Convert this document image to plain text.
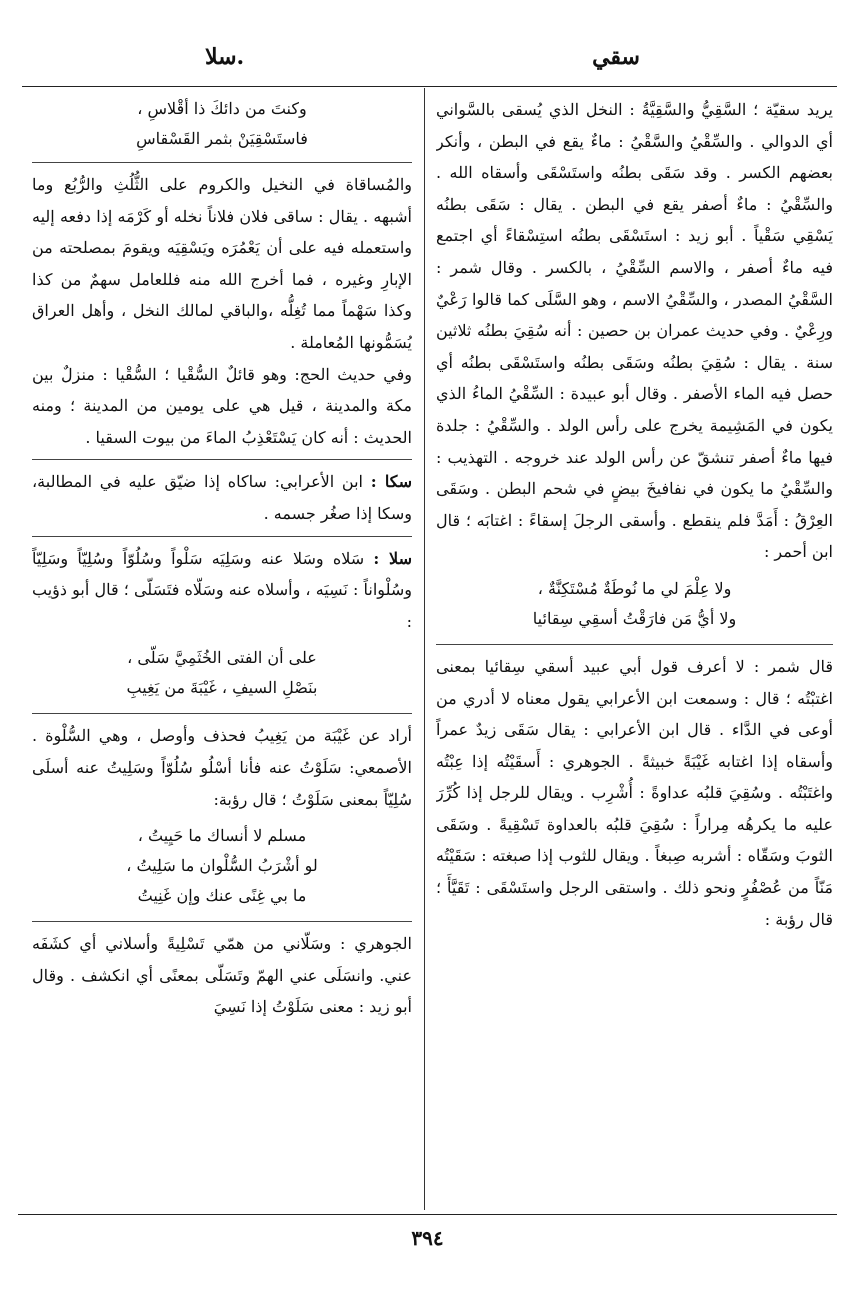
سقي
.سلا

يريد سقيّة ؛ السَّقِيُّ والسَّقِيَّةُ : النخل الذي يُسقى بالسَّواني أي الدوالي . والسِّقْيُ والسَّقْيُ : ماءٌ يقع في البطن ، وأنكر بعضهم الكسر . وقد سَقَى بطنُه واستَسْقَى وأسقاه الله . والسِّقْيُ : ماءٌ أصفر يقع في البطن . يقال : سَقَى بطنُه يَسْقِي سَقْياً . أبو زيد : استَسْقَى بطنُه استِسْقاءً أي اجتمع فيه ماءٌ أصفر ، والاسم السِّقْيُ ، بالكسر . وقال شمر : السَّقْيُ المصدر ، والسِّقْيُ الاسم ، وهو السَّلَى كما قالوا رَعْيٌ ورِعْيٌ . وفي حديث عمران بن حصين : أنه سُقِيَ بطنُه ثلاثين سنة . يقال : سُقِيَ بطنُه وسَقَى بطنُه واستَسْقَى بطنُه أي حصل فيه الماء الأصفر . وقال أبو عبيدة : السِّقْيُ الماءُ الذي يكون في المَشِيمة يخرج على رأس الولد . والسِّقْيُ : جلدة فيها ماءٌ أصفر تنشقّ عن رأس الولد عند خروجه . التهذيب : والسِّقْيُ ما يكون في نفافيخَ بيضٍ في شحم البطن . وسَقَى العِرْقُ : أَمَدَّ فلم ينقطع . وأسقى الرجلَ إسقاءً : اغتابَه ؛ قال ابن أحمر :

ولا عِلْمَ لي ما نُوطَةٌ مُسْتَكِنَّةٌ ،

ولا أيُّ مَن فارَقْتُ أسقِي سِقائيا

قال شمر : لا أعرف قول أبي عبيد أسقي سِقائيا بمعنى اغتبْتُه ؛ قال : وسمعت ابن الأعرابي يقول معناه لا أدري من أوعى في الدَّاء . قال ابن الأعرابي : يقال سَقَى زيدٌ عمراً وأسقاه إذا اغتابه غَيْبَةً خبيثةً . الجوهري : أَسقَيْتُه إذا عِبْتُه واغتَبْتُه . وسُقِيَ قلبُه عداوةً : أُشْرِب . ويقال للرجل إذا كُرِّرَ عليه ما يكرهُه مِراراً : سُقِيَ قلبُه بالعداوة تَسْقِيةً . وسَقَى الثوبَ وسَقّاه : أشربه صِبغاً . ويقال للثوب إذا صبغته : سَقَيْتُه مَنّاً من عُصْفُرٍ ونحو ذلك . واستقى الرجل واستَسْقَى : تَقَيَّأَ ؛ قال رؤبة :

وكنتَ من دائكَ ذا أقْلاسِ ،

فاستَسْقِيَنْ بثمر القَسْقاسِ

والمُساقاة في النخيل والكروم على الثُّلُثِ والرُّبُع وما أشبهه . يقال : ساقى فلان فلاناً نخله أو كَرْمَه إذا دفعه إليه واستعمله فيه على أن يَعْمُرَه ويَسْقِيَه ويقومَ بمصلحته من الإبارِ وغيره ، فما أخرج الله منه فللعامل سهمٌ من كذا وكذا سَهْماً مما تُغِلُّه ،والباقي لمالك النخل ، وأهل العراق يُسَمُّونها المُعاملة .

وفي حديث الحج: وهو قائلٌ السُّقْيا ؛ السُّقْيا : منزلٌ بين مكة والمدينة ، قيل هي على يومين من المدينة ؛ ومنه الحديث : أنه كان يَسْتَعْذِبُ الماءَ من بيوت السقيا .

سكا : ابن الأعرابي: ساكاه إذا ضيّق عليه في المطالبة، وسكا إذا صغُر جسمه .

سلا : سَلاه وسَلا عنه وسَلِيَه سَلْواً وسُلُوّاً وسُلِيّاً وسَلِيّاً وسُلْواناً : نَسِيَه ، وأسلاه عنه وسَلّاه فتَسَلّى ؛ قال أبو ذؤيب :

على أن الفتى الخُثَمِيَّ سَلّى ،

بنَصْلِ السيفِ ، غَيْبَةَ من يَغِيبِ

أراد عن غَيْبَة من يَغِيبُ فحذف وأوصل ، وهي السُّلْوة . الأصمعي: سَلَوْتُ عنه فأنا أسْلُو سُلُوّاً وسَلِيتُ عنه أسلَى سُلِيّاً بمعنى سَلَوْتُ ؛ قال رؤبة:

مسلم لا أنساك ما حَيِيتُ ،

لو أشْرَبُ السُّلْوان ما سَلِيتُ ،

ما بي غِنًى عنك وإن غَنِيتُ

الجوهري : وسَلّاني من همّي تَسْلِيةً وأسلاني أي كشَفَه عني. وانسَلَى عني الهمّ وتَسَلّى بمعنًى أي انكشف . وقال أبو زيد : معنى سَلَوْتُ إذا نَسِيَ

٣٩٤
